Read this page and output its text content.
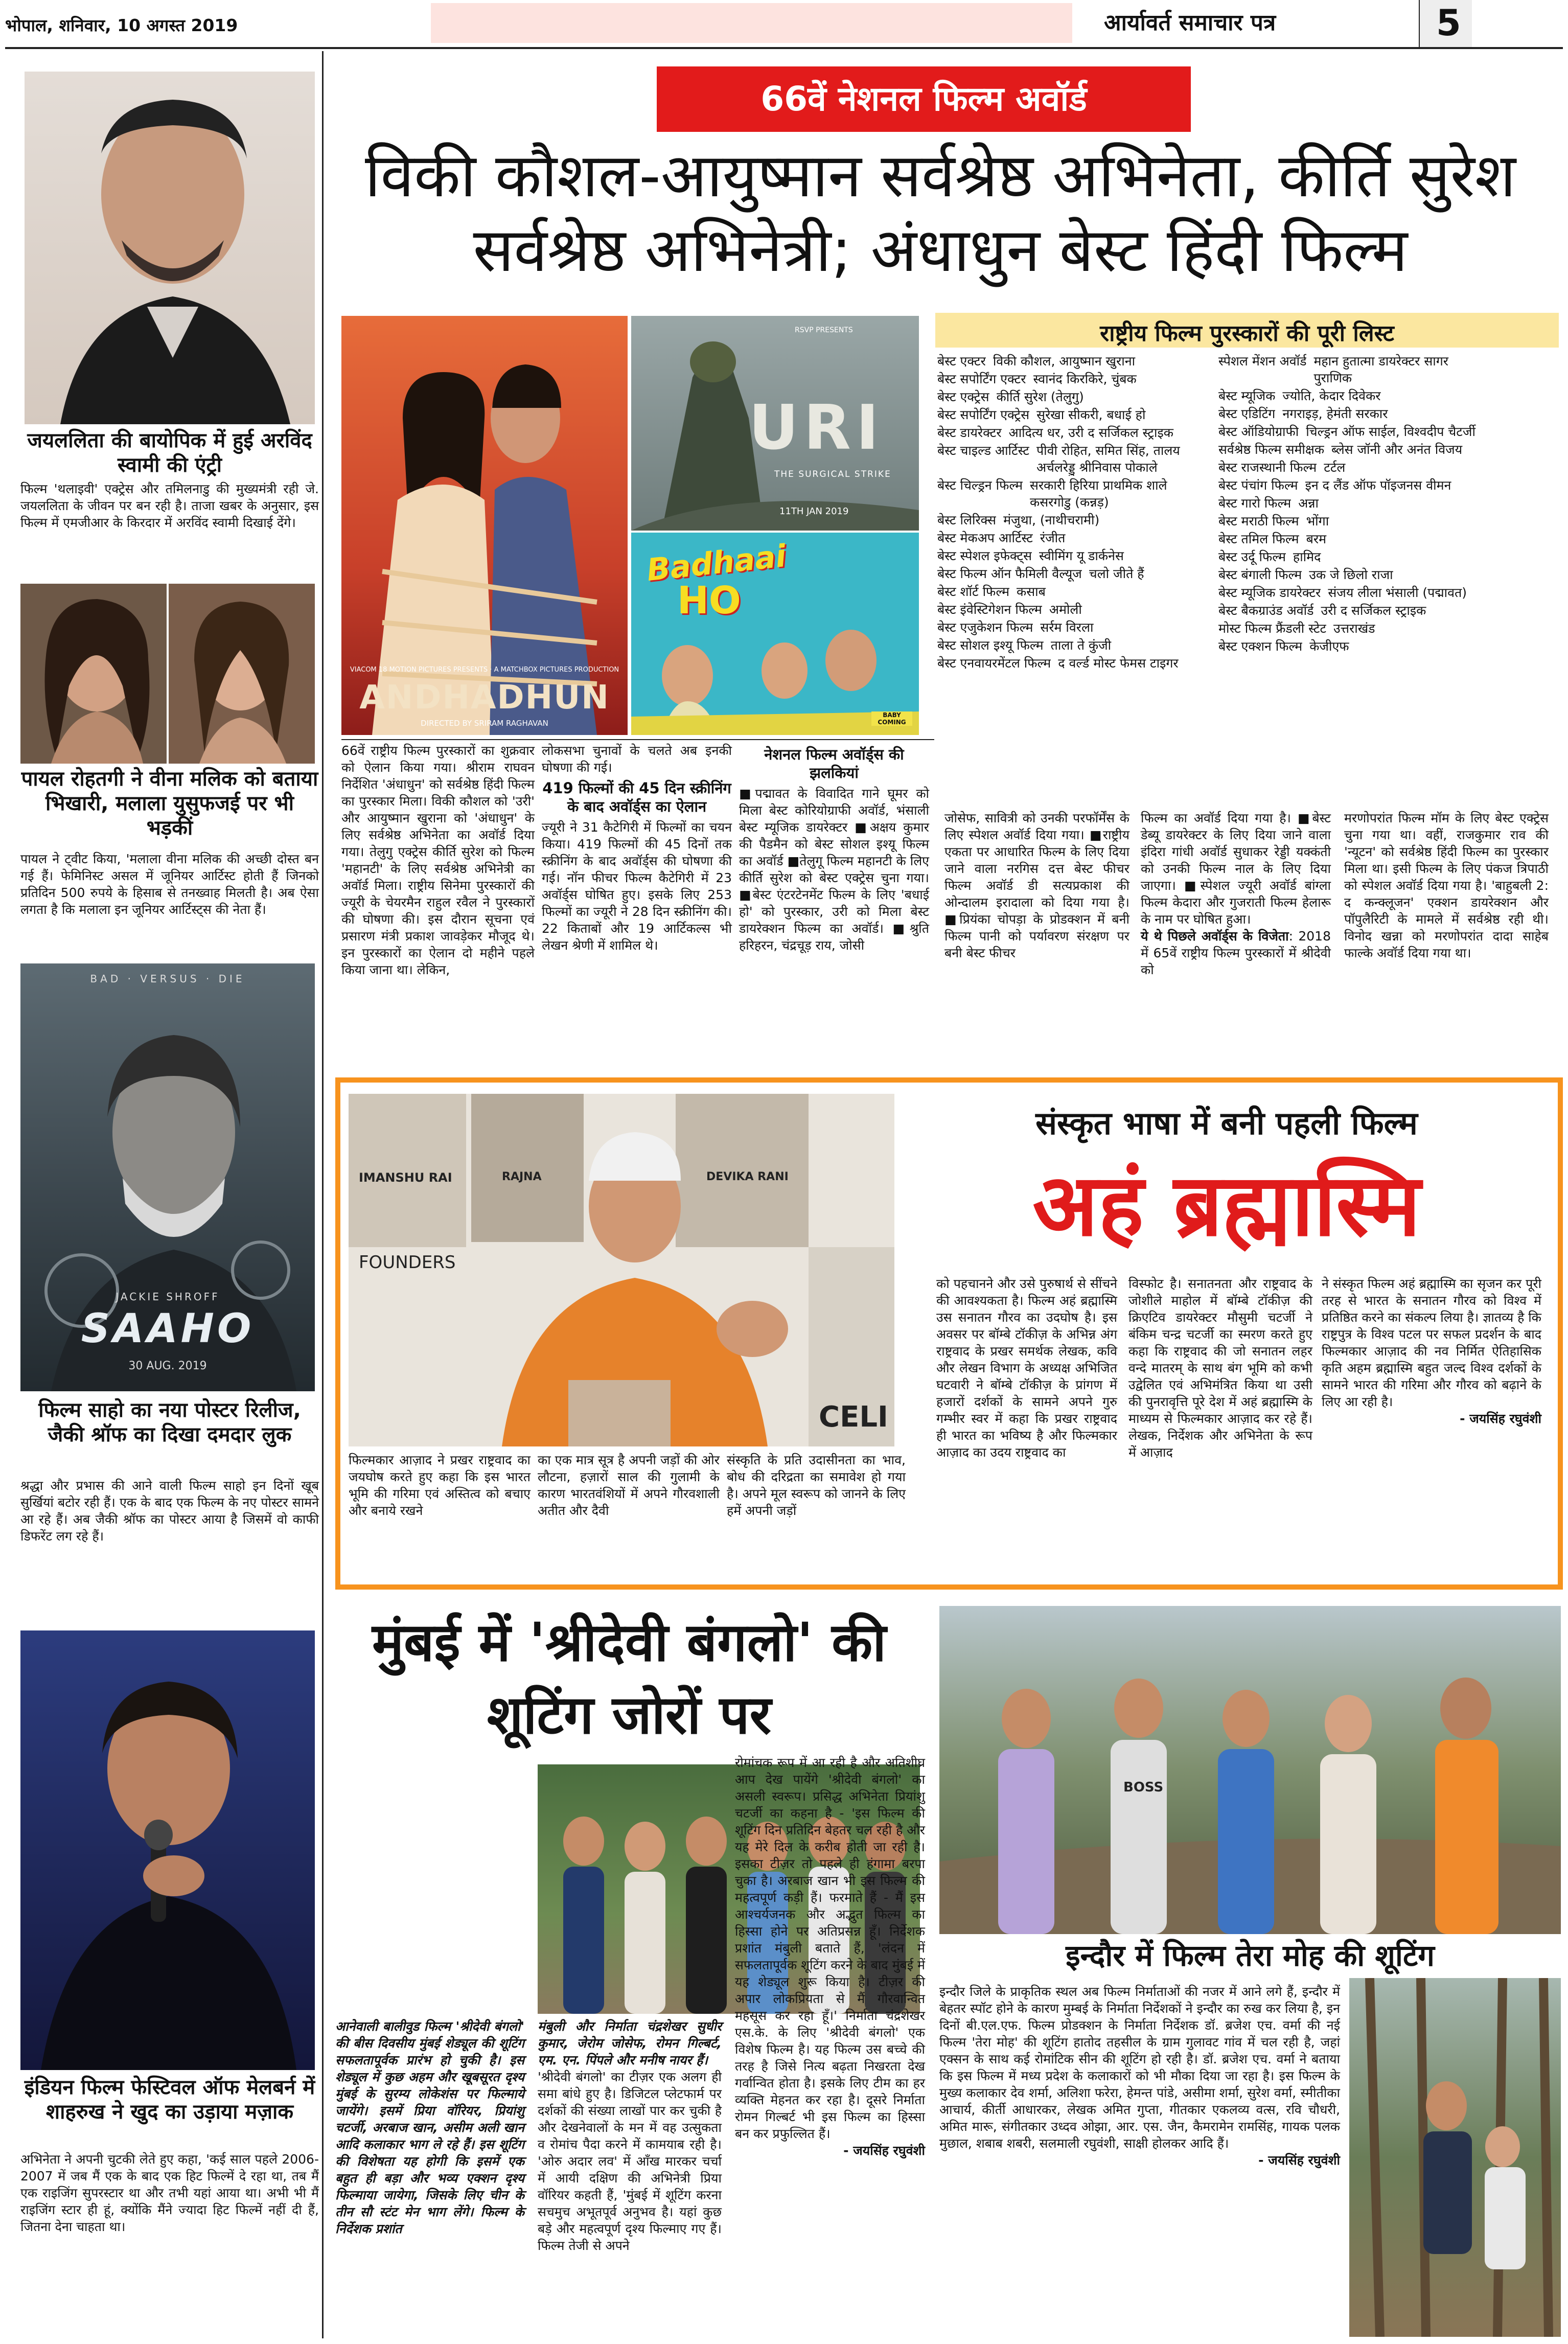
भोपाल, शनिवार, 10 अगस्त 2019	आर्यावर्त समाचार पत्र	5
जयललिता की बायोपिक में हुई अरविंद स्वामी की एंट्री
फिल्म 'थलाइवी' एक्ट्रेस और तमिलनाडु की मुख्यमंत्री रही जे. जयललिता के जीवन पर बन रही है। ताजा खबर के अनुसार, इस फिल्म में एमजीआर के किरदार में अरविंद स्वामी दिखाई देंगे।
पायल रोहतगी ने वीना मलिक को बताया भिखारी, मलाला युसुफजई पर भी भड़कीं
पायल ने ट्वीट किया, 'मलाला वीना मलिक की अच्छी दोस्त बन गई हैं। फेमिनिस्ट असल में जूनियर आर्टिस्ट होती हैं जिनको प्रतिदिन 500 रुपये के हिसाब से तनख्वाह मिलती है। अब ऐसा लगता है कि मलाला इन जूनियर आर्टिस्ट्स की नेता हैं।
BAD · VERSUS · DIE
JACKIE SHROFF
SAAHO
30 AUG. 2019
फिल्म साहो का नया पोस्टर रिलीज, जैकी श्रॉफ का दिखा दमदार लुक
श्रद्धा और प्रभास की आने वाली फिल्म साहो इन दिनों खूब सुर्खियां बटोर रही हैं। एक के बाद एक फिल्म के नए पोस्टर सामने आ रहे हैं। अब जैकी श्रॉफ का पोस्टर आया है जिसमें वो काफी डिफरेंट लग रहे हैं।
इंडियन फिल्म फेस्टिवल ऑफ मेलबर्न में शाहरुख ने खुद का उड़ाया मज़ाक
अभिनेता ने अपनी चुटकी लेते हुए कहा, 'कई साल पहले 2006-2007 में जब मैं एक के बाद एक हिट फिल्में दे रहा था, तब मैं एक राइजिंग सुपरस्टार था और तभी यहां आया था। अभी भी मैं राइजिंग स्टार ही हूं, क्योंकि मैंने ज्यादा हिट फिल्में नहीं दी हैं, जितना देना चाहता था।
66वें नेशनल फिल्म अवॉर्ड
विकी कौशल-आयुष्मान सर्वश्रेष्ठ अभिनेता, कीर्ति सुरेश सर्वश्रेष्ठ अभिनेत्री; अंधाधुन बेस्ट हिंदी फिल्म
VIACOM 18 MOTION PICTURES PRESENTS · A MATCHBOX PICTURES PRODUCTION
ANDHADHUN
DIRECTED BY SRIRAM RAGHAVAN
RSVP PRESENTS
URI
THE SURGICAL STRIKE
11TH JAN 2019
Badhaai
HO
BABY COMING
राष्ट्रीय फिल्म पुरस्कारों की पूरी लिस्ट
बेस्ट एक्टर विकी कौशल, आयुष्मान खुराना
बेस्ट सपोर्टिंग एक्टर स्वानंद किरकिरे, चुंबक
बेस्ट एक्ट्रेस कीर्ति सुरेश (तेलुगु)
बेस्ट सपोर्टिंग एक्ट्रेस सुरेखा सीकरी, बधाई हो
बेस्ट डायरेक्टर आदित्य धर, उरी द सर्जिकल स्ट्राइक
बेस्ट चाइल्ड आर्टिस्ट पीवी रोहित, समित सिंह, तालय अर्चलरेड्डु श्रीनिवास पोकाले
बेस्ट चिल्ड्रन फिल्म सरकारी हिरिया प्राथमिक शाले कसरगोडु (कन्नड़)
बेस्ट लिरिक्स मंजुथा, (नाथीचरामी)
बेस्ट मेकअप आर्टिस्ट रंजीत
बेस्ट स्पेशल इफेक्ट्स स्वीमिंग यू डार्कनेस
बेस्ट फिल्म ऑन फैमिली वैल्यूज चलो जीते हैं
बेस्ट शॉर्ट फिल्म कसाब
बेस्ट इंवेस्टिगेशन फिल्म अमोली
बेस्ट एजुकेशन फिल्म सर्रम विरला
बेस्ट सोशल इश्यू फिल्म ताला ते कुंजी
बेस्ट एनवायरमेंटल फिल्म द वर्ल्ड मोस्ट फेमस टाइगर
स्पेशल मेंशन अवॉर्ड महान हुतात्मा डायरेक्टर सागर पुराणिक
बेस्ट म्यूजिक ज्योति, केदार दिवेकर
बेस्ट एडिटिंग नगराइड़, हेमंती सरकार
बेस्ट ऑडियोग्राफी चिल्ड्रन ऑफ साईल, विश्वदीप चैटर्जी
सर्वश्रेष्ठ फिल्म समीक्षक ब्लेस जॉनी और अनंत विजय
बेस्ट राजस्थानी फिल्म टर्टल
बेस्ट पंचांग फिल्म इन द लैंड ऑफ पॉइजनस वीमन
बेस्ट गारो फिल्म अन्ना
बेस्ट मराठी फिल्म भोंगा
बेस्ट तमिल फिल्म बरम
बेस्ट उर्दू फिल्म हामिद
बेस्ट बंगाली फिल्म उक जे छिलो राजा
बेस्ट म्यूजिक डायरेक्टर संजय लीला भंसाली (पद्मावत)
बेस्ट बैकग्राउंड अवॉर्ड उरी द सर्जिकल स्ट्राइक
मोस्ट फिल्म फ्रैंडली स्टेट उत्तराखंड
बेस्ट एक्शन फिल्म केजीएफ
66वें राष्ट्रीय फिल्म पुरस्कारों का शुक्रवार को ऐलान किया गया। श्रीराम राघवन निर्देशित 'अंधाधुन' को सर्वश्रेष्ठ हिंदी फिल्म का पुरस्कार मिला। विकी कौशल को 'उरी' और आयुष्मान खुराना को 'अंधाधुन' के लिए सर्वश्रेष्ठ अभिनेता का अवॉर्ड दिया गया। तेलुगु एक्ट्रेस कीर्ति सुरेश को फिल्म 'महानटी' के लिए सर्वश्रेष्ठ अभिनेत्री का अवॉर्ड मिला। राष्ट्रीय सिनेमा पुरस्कारों की ज्यूरी के चेयरमैन राहुल रवैल ने पुरस्कारों की घोषणा की। इस दौरान सूचना एवं प्रसारण मंत्री प्रकाश जावड़ेकर मौजूद थे। इन पुरस्कारों का ऐलान दो महीने पहले किया जाना था। लेकिन,

लोकसभा चुनावों के चलते अब इनकी घोषणा की गई।

419 फिल्मों की 45 दिन स्क्रीनिंग के बाद अवॉर्ड्स का ऐलान

ज्यूरी ने 31 कैटेगिरी में फिल्मों का चयन किया। 419 फिल्मों की 45 दिनों तक स्क्रीनिंग के बाद अवॉर्ड्स की घोषणा की गई। नॉन फीचर फिल्म कैटेगिरी में 23 अवॉर्ड्स घोषित हुए। इसके लिए 253 फिल्मों का ज्यूरी ने 28 दिन स्क्रीनिंग की। 22 किताबों और 19 आर्टिकल्स भी लेखन श्रेणी में शामिल थे।

नेशनल फिल्म अवॉर्ड्स की झलकियां

■पद्मावत के विवादित गाने घूमर को मिला बेस्ट कोरियोग्राफी अवॉर्ड, भंसाली बेस्ट म्यूजिक डायरेक्टर ■अक्षय कुमार की पैडमैन को बेस्ट सोशल इश्यू फिल्म का अवॉर्ड ■तेलुगू फिल्म महानटी के लिए कीर्ति सुरेश को बेस्ट एक्ट्रेस चुना गया। ■बेस्ट एंटरटेनमेंट फिल्म के लिए 'बधाई हो' को पुरस्कार, उरी को मिला बेस्ट डायरेक्शन फिल्म का अवॉर्ड। ■श्रुति हरिहरन, चंद्रचूड़ राय, जोसी

जोसेफ, सावित्री को उनकी परफॉर्मेंस के लिए स्पेशल अवॉर्ड दिया गया। ■राष्ट्रीय एकता पर आधारित फिल्म के लिए दिया जाने वाला नरगिस दत्त बेस्ट फीचर फिल्म अवॉर्ड डी सत्यप्रकाश की ओन्दालम इरादाला को दिया गया है। ■प्रियंका चोपड़ा के प्रोडक्शन में बनी फिल्म पानी को पर्यावरण संरक्षण पर बनी बेस्ट फीचर

फिल्म का अवॉर्ड दिया गया है। ■बेस्ट डेब्यू डायरेक्टर के लिए दिया जाने वाला इंदिरा गांधी अवॉर्ड सुधाकर रेड्डी यक्कंती को उनकी फिल्म नाल के लिए दिया जाएगा। ■स्पेशल ज्यूरी अवॉर्ड बांग्ला फिल्म केदारा और गुजराती फिल्म हेलारू के नाम पर घोषित हुआ।

ये थे पिछले अवॉर्ड्स के विजेता: 2018 में 65वें राष्ट्रीय फिल्म पुरस्कारों में श्रीदेवी को

मरणोपरांत फिल्म मॉम के लिए बेस्ट एक्ट्रेस चुना गया था। वहीं, राजकुमार राव की 'न्यूटन' को सर्वश्रेष्ठ हिंदी फिल्म का पुरस्कार मिला था। इसी फिल्म के लिए पंकज त्रिपाठी को स्पेशल अवॉर्ड दिया गया है। 'बाहुबली 2: द कन्क्लूजन' एक्शन डायरेक्शन और पॉपुलैरिटी के मामले में सर्वश्रेष्ठ रही थी। विनोद खन्ना को मरणोपरांत दादा साहेब फाल्के अवॉर्ड दिया गया था।
IMANSHU RAI	RAJNA	DEVIKA RANI
FOUNDERS
CELI
संस्कृत भाषा में बनी पहली फिल्म
अहं ब्रह्मास्मि
को पहचानने और उसे पुरुषार्थ से सींचने की आवश्यकता है। फिल्म अहं ब्रह्मास्मि उस सनातन गौरव का उदघोष है। इस अवसर पर बॉम्बे टॉकीज़ के अभिन्न अंग राष्ट्रवाद के प्रखर समर्थक लेखक, कवि और लेखन विभाग के अध्यक्ष अभिजित घटवारी ने बॉम्बे टॉकीज़ के प्रांगण में हजारों दर्शकों के सामने अपने गुरु गम्भीर स्वर में कहा कि प्रखर राष्ट्रवाद ही भारत का भविष्य है और फिल्मकार आज़ाद का उदय राष्ट्रवाद का
विस्फोट है। सनातनता और राष्ट्रवाद के जोशीले माहोल में बॉम्बे टॉकीज़ की क्रिएटिव डायरेक्टर मौसुमी चटर्जी ने बंकिम चन्द्र चटर्जी का स्मरण करते हुए कहा कि राष्ट्रवाद की जो सनातन लहर वन्दे मातरम् के साथ बंग भूमि को कभी उद्वेलित एवं अभिमंत्रित किया था उसी की पुनरावृत्ति पूरे देश में अहं ब्रह्मास्मि के माध्यम से फिल्मकार आज़ाद कर रहे हैं। लेखक, निर्देशक और अभिनेता के रूप में आज़ाद

ने संस्कृत फिल्म अहं ब्रह्मास्मि का सृजन कर पूरी तरह से भारत के सनातन गौरव को विश्व में प्रतिष्ठित करने का संकल्प लिया है। ज्ञातव्य है कि राष्ट्रपुत्र के विश्व पटल पर सफल प्रदर्शन के बाद फिल्मकार आज़ाद की नव निर्मित ऐतिहासिक कृति अहम ब्रह्मास्मि बहुत जल्द विश्व दर्शकों के सामने भारत की गरिमा और गौरव को बढ़ाने के लिए आ रही है।

- जयसिंह रघुवंशी

फिल्मकार आज़ाद ने प्रखर राष्ट्रवाद का जयघोष करते हुए कहा कि इस भारत भूमि की गरिमा एवं अस्तित्व को बचाए और बनाये रखने
का एक मात्र सूत्र है अपनी जड़ों की ओर लौटना, हज़ारों साल की गुलामी के कारण भारतवंशियों में अपने गौरवशाली अतीत और दैवी
संस्कृति के प्रति उदासीनता का भाव, बोध की दरिद्रता का समावेश हो गया है। अपने मूल स्वरूप को जानने के लिए हमें अपनी जड़ों
मुंबई में 'श्रीदेवी बंगलो' की शूटिंग जोरों पर
आनेवाली बालीवुड फिल्म 'श्रीदेवी बंगलो' की बीस दिवसीय मुंबई शेड्यूल की शूटिंग सफलतापूर्वक प्रारंभ हो चुकी है। इस शेड्यूल में कुछ अहम और खूबसूरत दृश्य मुंबई के सुरम्य लोकेशंस पर फिल्माये जायेंगे। इसमें प्रिया वॉरियर, प्रियांशु चटर्जी, अरबाज खान, असीम अली खान आदि कलाकार भाग ले रहे हैं। इस शूटिंग की विशेषता यह होगी कि इसमें एक बहुत ही बड़ा और भव्य एक्शन दृश्य फिल्माया जायेगा, जिसके लिए चीन के तीन सौ स्टंट मेन भाग लेंगे। फिल्म के निर्देशक प्रशांत

मंबुली और निर्माता चंद्रशेखर सुधीर कुमार, जेरोम जोसेफ, रोमन गिल्बर्ट, एम. एन. पिंपले और मनीष नायर हैं।

'श्रीदेवी बंगलो' का टीज़र एक अलग ही समा बांधे हुए है। डिजिटल प्लेटफार्म पर दर्शकों की संख्या लाखों पार कर चुकी है और देखनेवालों के मन में वह उत्सुकता व रोमांच पैदा करने में कामयाब रही है। 'ओरु अदार लव' में आँख मारकर चर्चा में आयी दक्षिण की अभिनेत्री प्रिया वॉरियर कहती हैं, 'मुंबई में शूटिंग करना सचमुच अभूतपूर्व अनुभव है। यहां कुछ बड़े और महत्वपूर्ण दृश्य फिल्माए गए हैं। फिल्म तेजी से अपने

रोमांचक रूप में आ रही है और अतिशीघ्र आप देख पायेंगे 'श्रीदेवी बंगलो' का असली स्वरूप। प्रसिद्ध अभिनेता प्रियांशु चटर्जी का कहना है - 'इस फिल्म की शूटिंग दिन प्रतिदिन बेहतर चल रही है और यह मेरे दिल के करीब होती जा रही है। इसका टीज़र तो पहले ही हंगामा बरपा चुका है। अरबाज खान भी इस फिल्म की महत्वपूर्ण कड़ी हैं। फरमाते हैं - मैं इस आश्चर्यजनक और अद्भुत फिल्म का हिस्सा होने पर अतिप्रसन्न हूँ। निर्देशक प्रशांत मंबुली बताते हैं, 'लंदन में सफलतापूर्वक शूटिंग करने के बाद मुंबई में यह शेड्यूल शुरू किया है। टीज़र की अपार लोकप्रियता से मैं गौरवान्वित महसूस कर रहा हूँ।' निर्माता चंद्रशेखर एस.के. के लिए 'श्रीदेवी बंगलो' एक विशेष फिल्म है। यह फिल्म उस बच्चे की तरह है जिसे नित्य बढ़ता निखरता देख गर्वान्वित होता है। इसके लिए टीम का हर व्यक्ति मेहनत कर रहा है। दूसरे निर्माता रोमन गिल्बर्ट भी इस फिल्म का हिस्सा बन कर प्रफुल्लित हैं।

- जयसिंह रघुवंशी

BOSS
इन्दौर में फिल्म तेरा मोह की शूटिंग

इन्दौर जिले के प्राकृतिक स्थल अब फिल्म निर्माताओं की नजर में आने लगे हैं, इन्दौर में बेहतर स्पॉट होने के कारण मुम्बई के निर्माता निर्देशकों ने इन्दौर का रुख कर लिया है, इन दिनों बी.एल.एफ. फिल्म प्रोडक्शन के निर्माता निर्देशक डॉ. ब्रजेश एच. वर्मा की नई फिल्म 'तेरा मोह' की शूटिंग हातोद तहसील के ग्राम गुलावट गांव में चल रही है, जहां एक्सन के साथ कई रोमांटिक सीन की शूटिंग हो रही है। डॉ. ब्रजेश एच. वर्मा ने बताया कि इस फिल्म में मध्य प्रदेश के कलाकारों को भी मौका दिया जा रहा है। इस फिल्म के मुख्य कलाकार देव शर्मा, अलिशा फरेरा, हेमन्त पांडे, असीमा शर्मा, सुरेश वर्मा, स्मीतीका आचार्य, कीर्ती आधारकर, लेखक अमित गुप्ता, गीतकार एकलव्य वत्स, रवि चौधरी, अमित मारू, संगीतकार उध्दव ओझा, आर. एस. जैन, कैमरामेन रामसिंह, गायक पलक मुछाल, शबाब शबरी, सलमाली रघुवंशी, साक्षी होलकर आदि हैं।

- जयसिंह रघुवंशी
